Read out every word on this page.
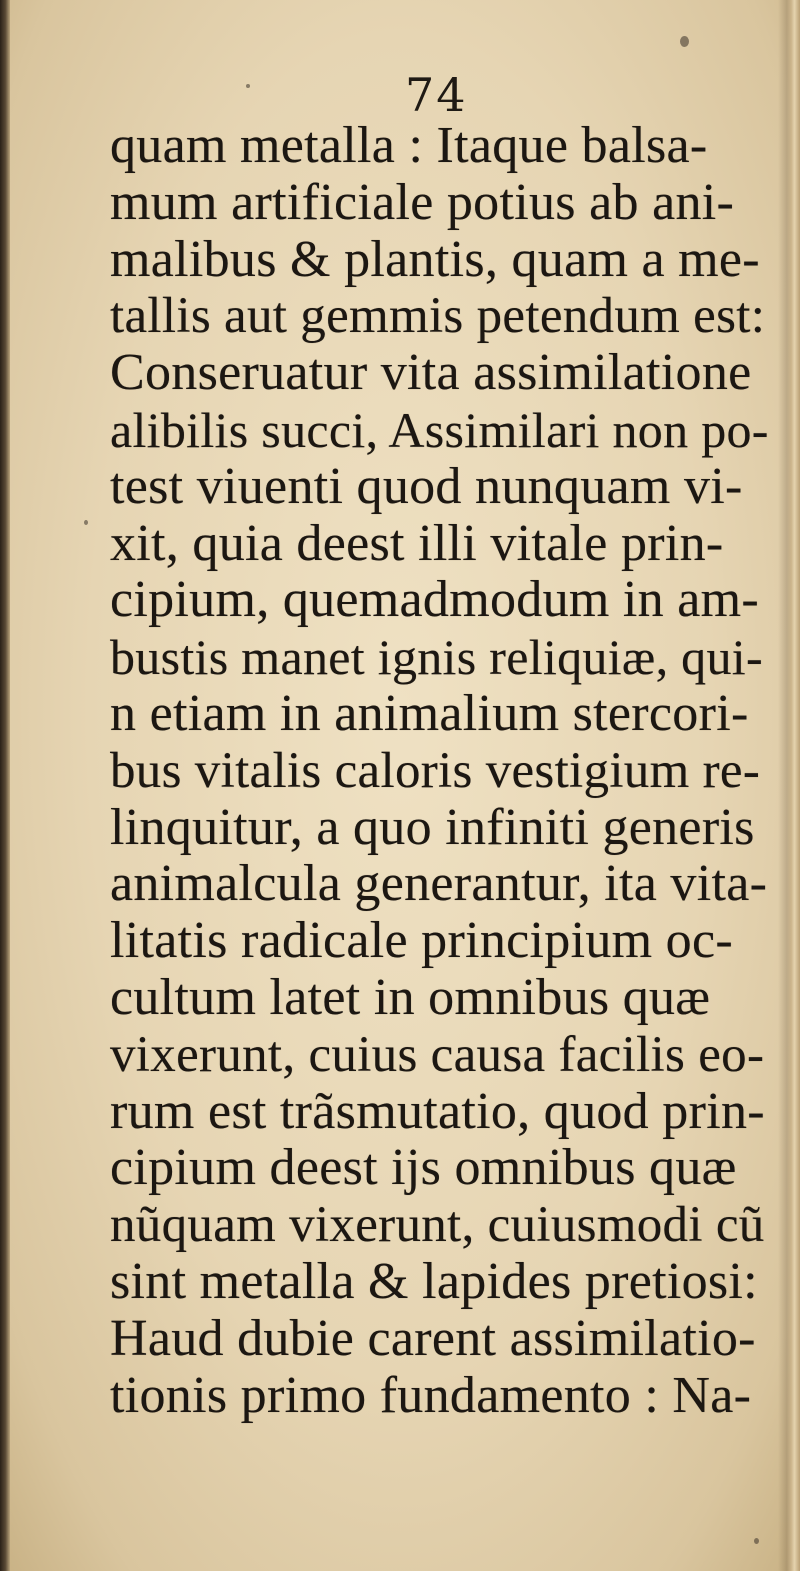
74
quam metalla : Itaque balsa-
mum artificiale potius ab ani-
malibus & plantis, quam a me-
tallis aut gemmis petendum est:
Conseruatur vita assimilatione
alibilis succi, Assimilari non po-
test viuenti quod nunquam vi-
xit, quia deest illi vitale prin-
cipium, quemadmodum in am-
bustis manet ignis reliquiæ, qui-
n etiam in animalium stercori-
bus vitalis caloris vestigium re-
linquitur, a quo infiniti generis
animalcula generantur, ita vita-
litatis radicale principium oc-
cultum latet in omnibus quæ
vixerunt, cuius causa facilis eo-
rum est trãsmutatio, quod prin-
cipium deest ijs omnibus quæ
nũquam vixerunt, cuiusmodi cũ
sint metalla & lapides pretiosi:
Haud dubie carent assimilatio-
tionis primo fundamento : Na-
